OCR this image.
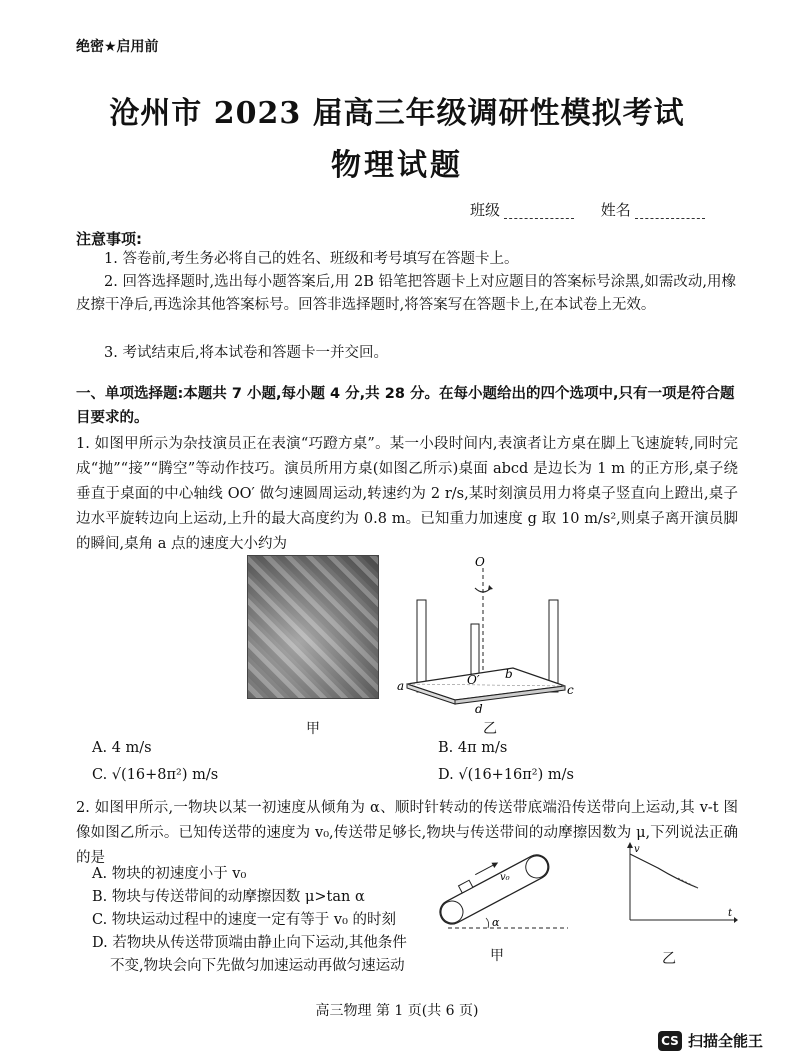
绝密★启用前
沧州市 2023 届高三年级调研性模拟考试
物理试题
班级	姓名
注意事项:
1. 答卷前,考生务必将自己的姓名、班级和考号填写在答题卡上。
2. 回答选择题时,选出每小题答案后,用 2B 铅笔把答题卡上对应题目的答案标号涂黑,如需改动,用橡皮擦干净后,再选涂其他答案标号。回答非选择题时,将答案写在答题卡上,在本试卷上无效。
3. 考试结束后,将本试卷和答题卡一并交回。
一、单项选择题:本题共 7 小题,每小题 4 分,共 28 分。在每小题给出的四个选项中,只有一项是符合题目要求的。
1. 如图甲所示为杂技演员正在表演“巧蹬方桌”。某一小段时间内,表演者让方桌在脚上飞速旋转,同时完成“抛”“接”“腾空”等动作技巧。演员所用方桌(如图乙所示)桌面 abcd 是边长为 1 m 的正方形,桌子绕垂直于桌面的中心轴线 OO′ 做匀速圆周运动,转速约为 2 r/s,某时刻演员用力将桌子竖直向上蹬出,桌子边水平旋转边向上运动,上升的最大高度约为 0.8 m。已知重力加速度 g 取 10 m/s²,则桌子离开演员脚的瞬间,桌角 a 点的速度大小约为
甲
O
O′
a
b
c
d
乙
A. 4 m/s	B. 4π m/s
C. √(16+8π²) m/s	D. √(16+16π²) m/s
2. 如图甲所示,一物块以某一初速度从倾角为 α、顺时针转动的传送带底端沿传送带向上运动,其 v-t 图像如图乙所示。已知传送带的速度为 v₀,传送带足够长,物块与传送带间的动摩擦因数为 μ,下列说法正确的是
A. 物块的初速度小于 v₀
B. 物块与传送带间的动摩擦因数 μ>tan α
C. 物块运动过程中的速度一定有等于 v₀ 的时刻
D. 若物块从传送带顶端由静止向下运动,其他条件
不变,物块会向下先做匀加速运动再做匀速运动
α
v₀
甲
v
t
乙
高三物理 第 1 页(共 6 页)
CS 扫描全能王
